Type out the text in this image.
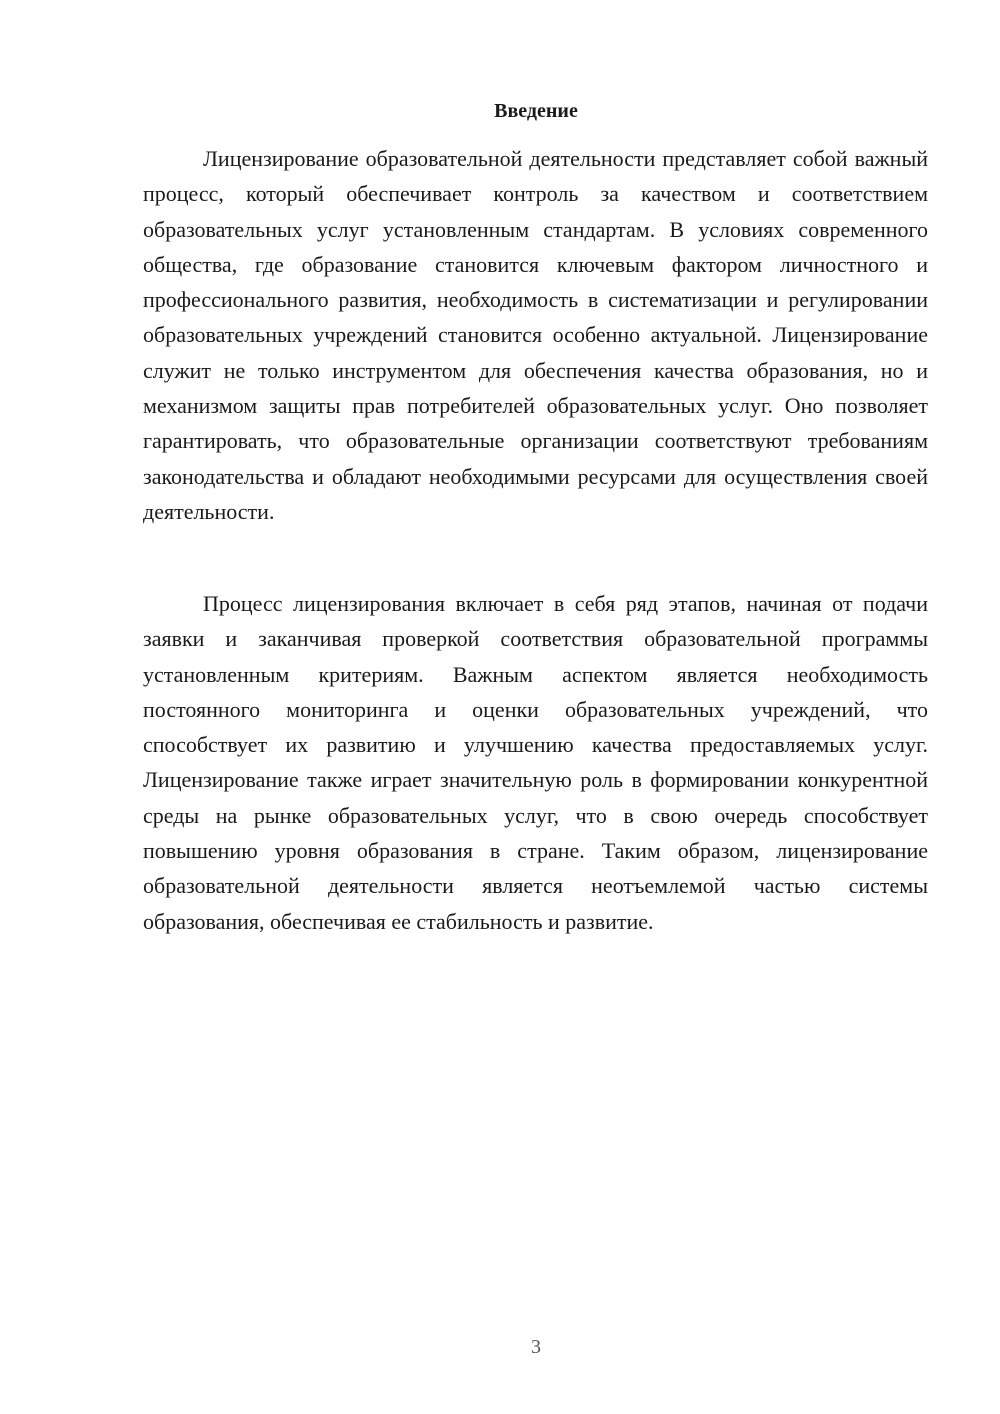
Введение

Лицензирование образовательной деятельности представляет собой важный процесс, который обеспечивает контроль за качеством и соответствием образовательных услуг установленным стандартам. В условиях современного общества, где образование становится ключевым фактором личностного и профессионального развития, необходимость в систематизации и регулировании образовательных учреждений становится особенно актуальной. Лицензирование служит не только инструментом для обеспечения качества образования, но и механизмом защиты прав потребителей образовательных услуг. Оно позволяет гарантировать, что образовательные организации соответствуют требованиям законодательства и обладают необходимыми ресурсами для осуществления своей деятельности.

Процесс лицензирования включает в себя ряд этапов, начиная от подачи заявки и заканчивая проверкой соответствия образовательной программы установленным критериям. Важным аспектом является необходимость постоянного мониторинга и оценки образовательных учреждений, что способствует их развитию и улучшению качества предоставляемых услуг. Лицензирование также играет значительную роль в формировании конкурентной среды на рынке образовательных услуг, что в свою очередь способствует повышению уровня образования в стране. Таким образом, лицензирование образовательной деятельности является неотъемлемой частью системы образования, обеспечивая ее стабильность и развитие.

3
